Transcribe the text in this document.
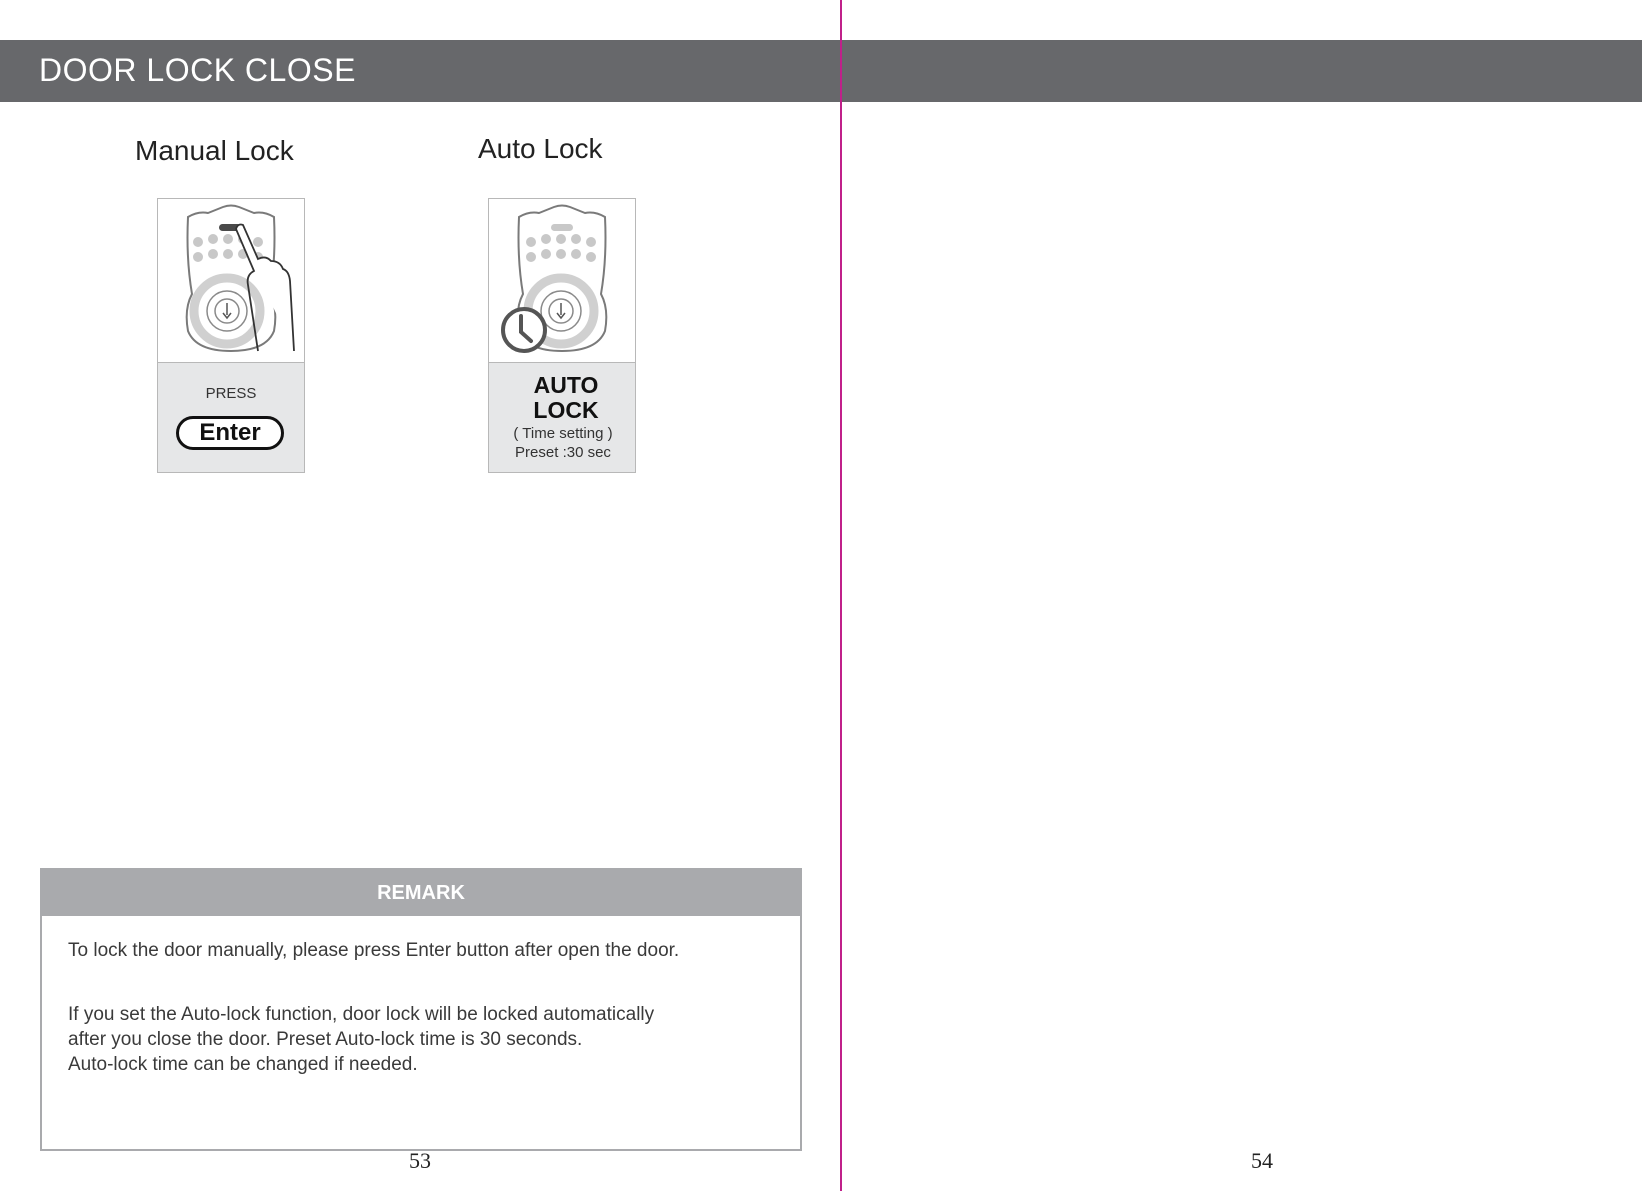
DOOR LOCK CLOSE
Manual Lock
PRESS
Enter
Auto Lock
AUTO
LOCK
( Time setting )
Preset :30 sec
REMARK
To lock the door manually, please press Enter button after open the door.
If you set the Auto-lock function, door lock will be locked automatically
after you close the door. Preset Auto-lock time is 30 seconds.
Auto-lock time can be changed if needed.
53	54
